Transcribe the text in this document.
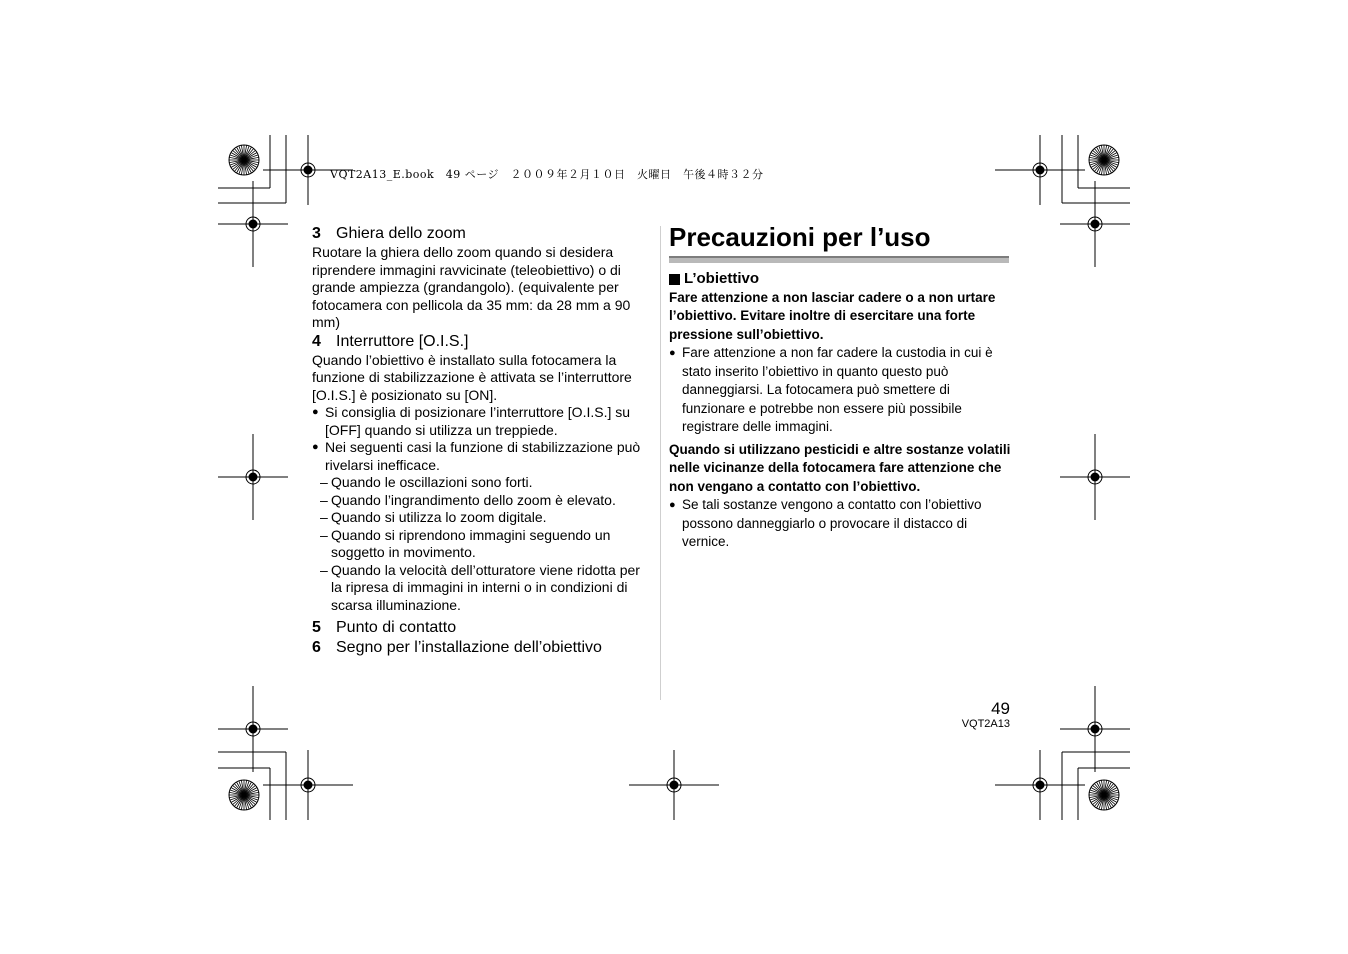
VQT2A13_E.book　49 ページ　２００９年２月１０日　火曜日　午後４時３２分

3 Ghiera dello zoom

Ruotare la ghiera dello zoom quando si desidera riprendere immagini ravvicinate (teleobiettivo) o di grande ampiezza (grandangolo). (equivalente per fotocamera con pellicola da 35 mm: da 28 mm a 90 mm)

4 Interruttore [O.I.S.]

Quando l’obiettivo è installato sulla fotocamera la funzione di stabilizzazione è attivata se l’interruttore [O.I.S.] è posizionato su [ON].

● Si consiglia di posizionare l’interruttore [O.I.S.] su [OFF] quando si utilizza un treppiede.

● Nei seguenti casi la funzione di stabilizzazione può rivelarsi inefficace.

– Quando le oscillazioni sono forti.

– Quando l’ingrandimento dello zoom è elevato.

– Quando si utilizza lo zoom digitale.

– Quando si riprendono immagini seguendo un soggetto in movimento.

– Quando la velocità dell’otturatore viene ridotta per la ripresa di immagini in interni o in condizioni di scarsa illuminazione.

5 Punto di contatto

6 Segno per l’installazione dell’obiettivo

Precauzioni per l’uso

L’obiettivo

Fare attenzione a non lasciar cadere o a non urtare l’obiettivo. Evitare inoltre di esercitare una forte pressione sull’obiettivo.

● Fare attenzione a non far cadere la custodia in cui è stato inserito l’obiettivo in quanto questo può danneggiarsi. La fotocamera può smettere di funzionare e potrebbe non essere più possibile registrare delle immagini.

Quando si utilizzano pesticidi e altre sostanze volatili nelle vicinanze della fotocamera fare attenzione che non vengano a contatto con l’obiettivo.

● Se tali sostanze vengono a contatto con l’obiettivo possono danneggiarlo o provocare il distacco di vernice.

49
VQT2A13
